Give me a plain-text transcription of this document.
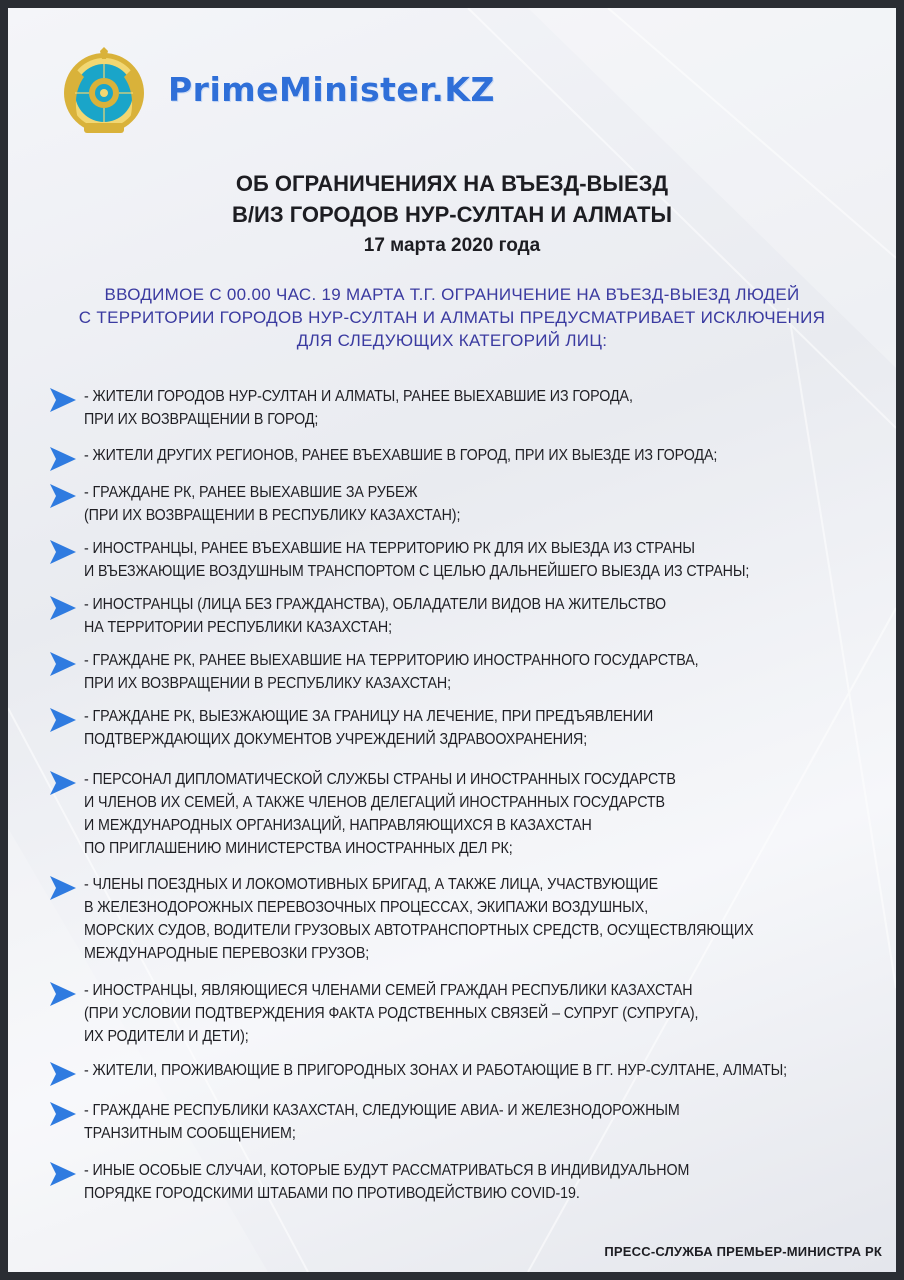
PrimeMinister.KZ
ОБ ОГРАНИЧЕНИЯХ НА ВЪЕЗД-ВЫЕЗД
В/ИЗ ГОРОДОВ НУР-СУЛТАН И АЛМАТЫ
17 марта 2020 года
ВВОДИМОЕ С 00.00 ЧАС. 19 МАРТА Т.Г. ОГРАНИЧЕНИЕ НА ВЪЕЗД-ВЫЕЗД ЛЮДЕЙ
С ТЕРРИТОРИИ ГОРОДОВ НУР-СУЛТАН И АЛМАТЫ ПРЕДУСМАТРИВАЕТ ИСКЛЮЧЕНИЯ
ДЛЯ СЛЕДУЮЩИХ КАТЕГОРИЙ ЛИЦ:
- ЖИТЕЛИ ГОРОДОВ НУР-СУЛТАН И АЛМАТЫ, РАНЕЕ ВЫЕХАВШИЕ ИЗ ГОРОДА,
ПРИ ИХ ВОЗВРАЩЕНИИ В ГОРОД;
- ЖИТЕЛИ ДРУГИХ РЕГИОНОВ, РАНЕЕ ВЪЕХАВШИЕ В ГОРОД, ПРИ ИХ ВЫЕЗДЕ ИЗ ГОРОДА;
- ГРАЖДАНЕ РК, РАНЕЕ ВЫЕХАВШИЕ ЗА РУБЕЖ
(ПРИ ИХ ВОЗВРАЩЕНИИ В РЕСПУБЛИКУ КАЗАХСТАН);
- ИНОСТРАНЦЫ, РАНЕЕ ВЪЕХАВШИЕ НА ТЕРРИТОРИЮ РК ДЛЯ ИХ ВЫЕЗДА ИЗ СТРАНЫ
И ВЪЕЗЖАЮЩИЕ ВОЗДУШНЫМ ТРАНСПОРТОМ С ЦЕЛЬЮ ДАЛЬНЕЙШЕГО ВЫЕЗДА ИЗ СТРАНЫ;
- ИНОСТРАНЦЫ (ЛИЦА БЕЗ ГРАЖДАНСТВА), ОБЛАДАТЕЛИ ВИДОВ НА ЖИТЕЛЬСТВО
НА ТЕРРИТОРИИ РЕСПУБЛИКИ КАЗАХСТАН;
- ГРАЖДАНЕ РК, РАНЕЕ ВЫЕХАВШИЕ НА ТЕРРИТОРИЮ ИНОСТРАННОГО ГОСУДАРСТВА,
ПРИ ИХ ВОЗВРАЩЕНИИ В РЕСПУБЛИКУ КАЗАХСТАН;
- ГРАЖДАНЕ РК, ВЫЕЗЖАЮЩИЕ ЗА ГРАНИЦУ НА ЛЕЧЕНИЕ, ПРИ ПРЕДЪЯВЛЕНИИ
ПОДТВЕРЖДАЮЩИХ ДОКУМЕНТОВ УЧРЕЖДЕНИЙ ЗДРАВООХРАНЕНИЯ;
- ПЕРСОНАЛ ДИПЛОМАТИЧЕСКОЙ СЛУЖБЫ СТРАНЫ И ИНОСТРАННЫХ ГОСУДАРСТВ
И ЧЛЕНОВ ИХ СЕМЕЙ, А ТАКЖЕ ЧЛЕНОВ ДЕЛЕГАЦИЙ ИНОСТРАННЫХ ГОСУДАРСТВ
И МЕЖДУНАРОДНЫХ ОРГАНИЗАЦИЙ, НАПРАВЛЯЮЩИХСЯ В КАЗАХСТАН
ПО ПРИГЛАШЕНИЮ МИНИСТЕРСТВА ИНОСТРАННЫХ ДЕЛ РК;
- ЧЛЕНЫ ПОЕЗДНЫХ И ЛОКОМОТИВНЫХ БРИГАД, А ТАКЖЕ ЛИЦА, УЧАСТВУЮЩИЕ
В ЖЕЛЕЗНОДОРОЖНЫХ ПЕРЕВОЗОЧНЫХ ПРОЦЕССАХ, ЭКИПАЖИ ВОЗДУШНЫХ,
МОРСКИХ СУДОВ, ВОДИТЕЛИ ГРУЗОВЫХ АВТОТРАНСПОРТНЫХ СРЕДСТВ, ОСУЩЕСТВЛЯЮЩИХ
МЕЖДУНАРОДНЫЕ ПЕРЕВОЗКИ ГРУЗОВ;
- ИНОСТРАНЦЫ, ЯВЛЯЮЩИЕСЯ ЧЛЕНАМИ СЕМЕЙ ГРАЖДАН РЕСПУБЛИКИ КАЗАХСТАН
(ПРИ УСЛОВИИ ПОДТВЕРЖДЕНИЯ ФАКТА РОДСТВЕННЫХ СВЯЗЕЙ – СУПРУГ (СУПРУГА),
ИХ РОДИТЕЛИ И ДЕТИ);
- ЖИТЕЛИ, ПРОЖИВАЮЩИЕ В ПРИГОРОДНЫХ ЗОНАХ И РАБОТАЮЩИЕ В ГГ. НУР-СУЛТАНЕ, АЛМАТЫ;
- ГРАЖДАНЕ РЕСПУБЛИКИ КАЗАХСТАН, СЛЕДУЮЩИЕ АВИА- И ЖЕЛЕЗНОДОРОЖНЫМ
ТРАНЗИТНЫМ СООБЩЕНИЕМ;
- ИНЫЕ ОСОБЫЕ СЛУЧАИ, КОТОРЫЕ БУДУТ РАССМАТРИВАТЬСЯ В ИНДИВИДУАЛЬНОМ
ПОРЯДКЕ ГОРОДСКИМИ ШТАБАМИ ПО ПРОТИВОДЕЙСТВИЮ COVID-19.
ПРЕСС-СЛУЖБА ПРЕМЬЕР-МИНИСТРА РК
